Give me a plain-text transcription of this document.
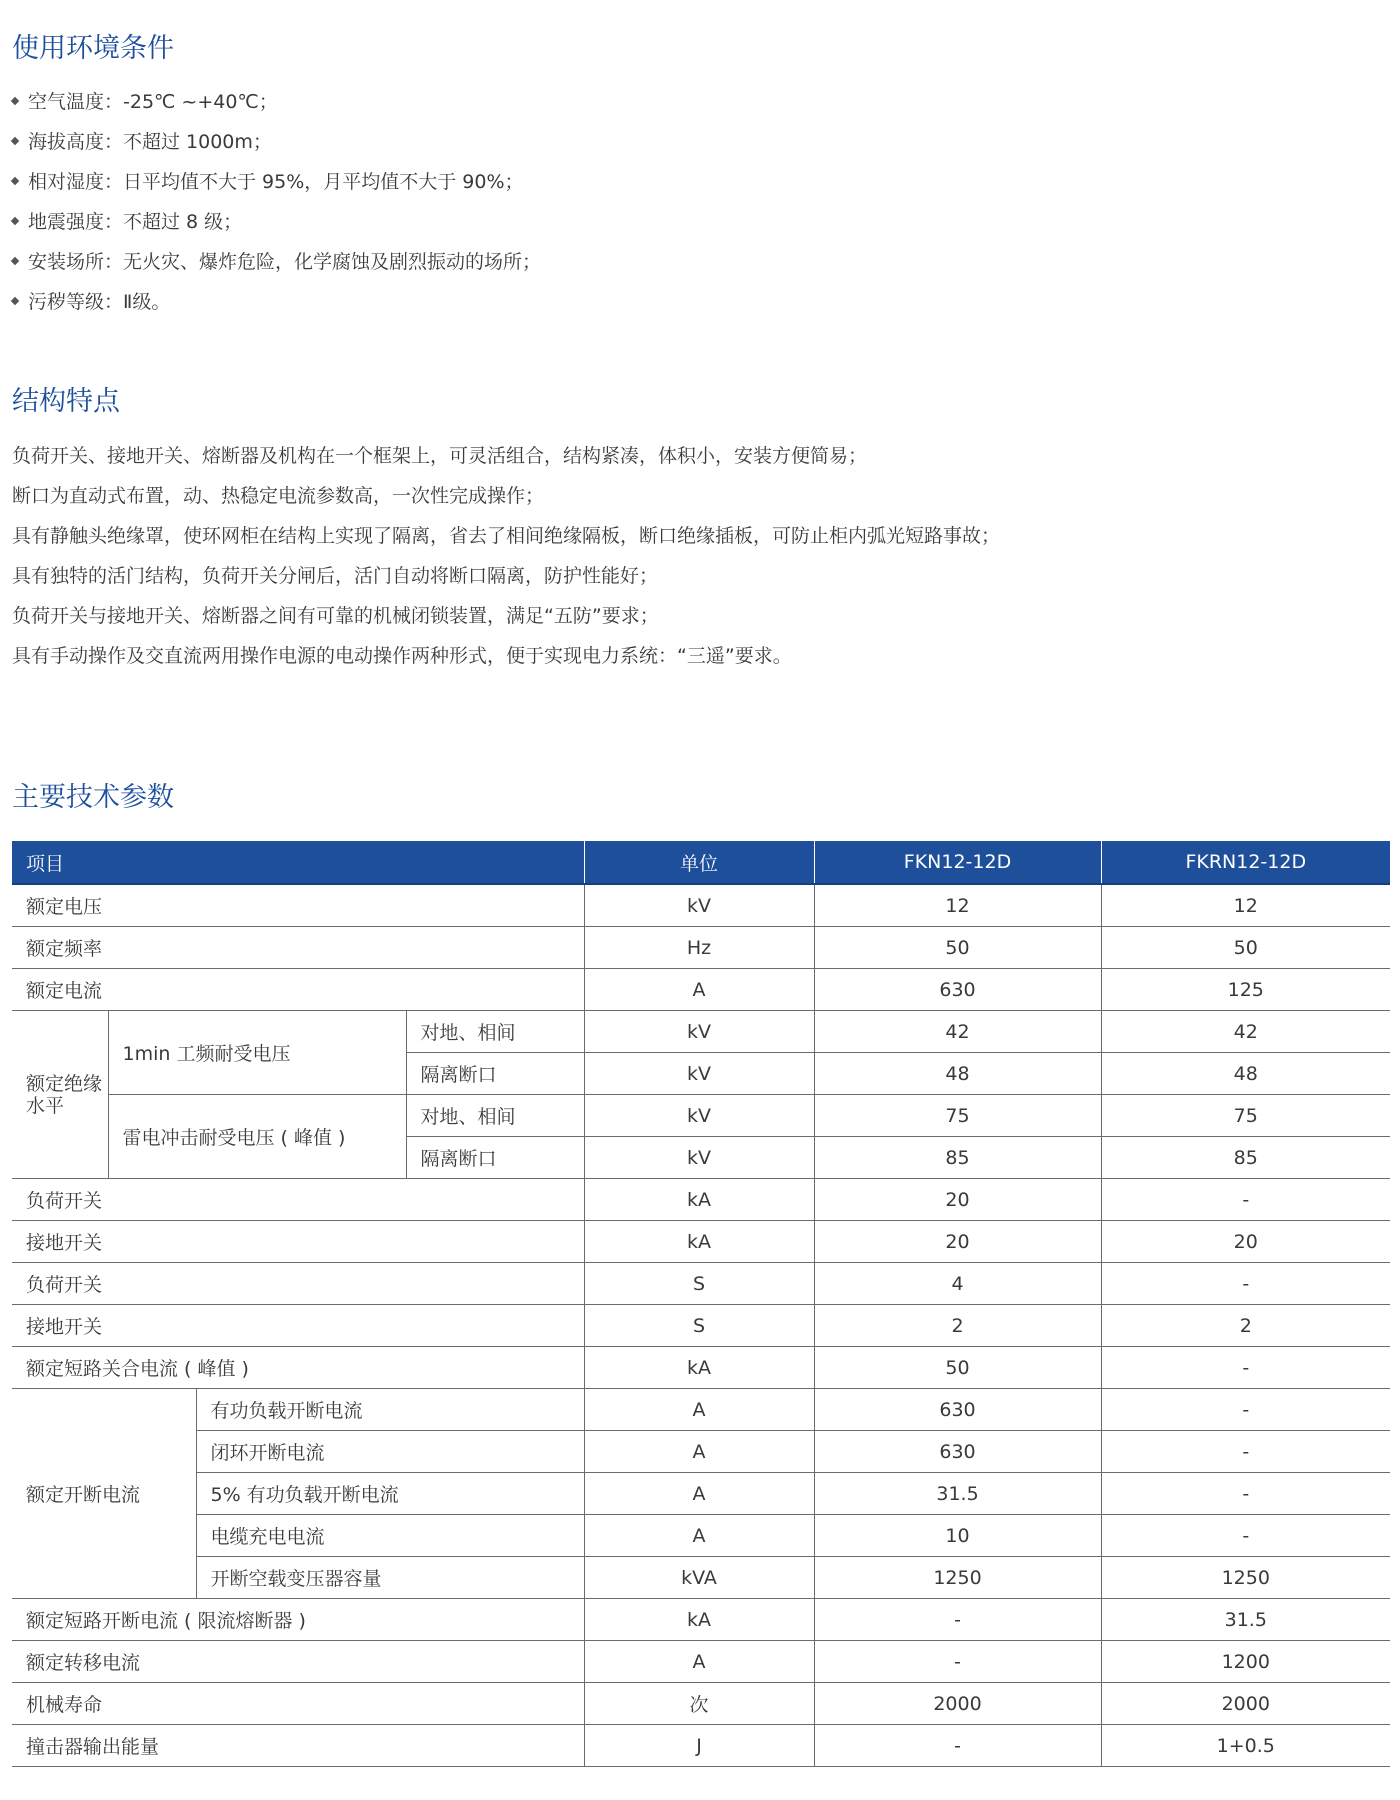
使用环境条件
空气温度：-25℃ ~+40℃；
海拔高度：不超过 1000m；
相对湿度：日平均值不大于 95%，月平均值不大于 90%；
地震强度：不超过 8 级；
安装场所：无火灾、爆炸危险，化学腐蚀及剧烈振动的场所；
污秽等级：Ⅱ级。
结构特点
负荷开关、接地开关、熔断器及机构在一个框架上，可灵活组合，结构紧凑，体积小，安装方便简易；
断口为直动式布置，动、热稳定电流参数高，一次性完成操作；
具有静触头绝缘罩，使环网柜在结构上实现了隔离，省去了相间绝缘隔板，断口绝缘插板，可防止柜内弧光短路事故；
具有独特的活门结构，负荷开关分闸后，活门自动将断口隔离，防护性能好；
负荷开关与接地开关、熔断器之间有可靠的机械闭锁装置，满足“五防”要求；
具有手动操作及交直流两用操作电源的电动操作两种形式，便于实现电力系统：“三遥”要求。
主要技术参数
项目				单位	FKN12-12D	FKRN12-12D
额定电压				kV	12	12
额定频率				Hz	50	50
额定电流				A	630	125
额定绝缘水平	1min 工频耐受电压		对地、相间	kV	42	42
			隔离断口	kV	48	48
	雷电冲击耐受电压 ( 峰值 )		对地、相间	kV	75	75
			隔离断口	kV	85	85
负荷开关				kA	20	-
接地开关				kA	20	20
负荷开关				S	4	-
接地开关				S	2	2
额定短路关合电流 ( 峰值 )				kA	50	-
额定开断电流		有功负载开断电流		A	630	-
		闭环开断电流		A	630	-
		5% 有功负载开断电流		A	31.5	-
		电缆充电电流		A	10	-
		开断空载变压器容量		kVA	1250	1250
额定短路开断电流 ( 限流熔断器 )				kA	-	31.5
额定转移电流				A	-	1200
机械寿命				次	2000	2000
撞击器输出能量				J	-	1+0.5
